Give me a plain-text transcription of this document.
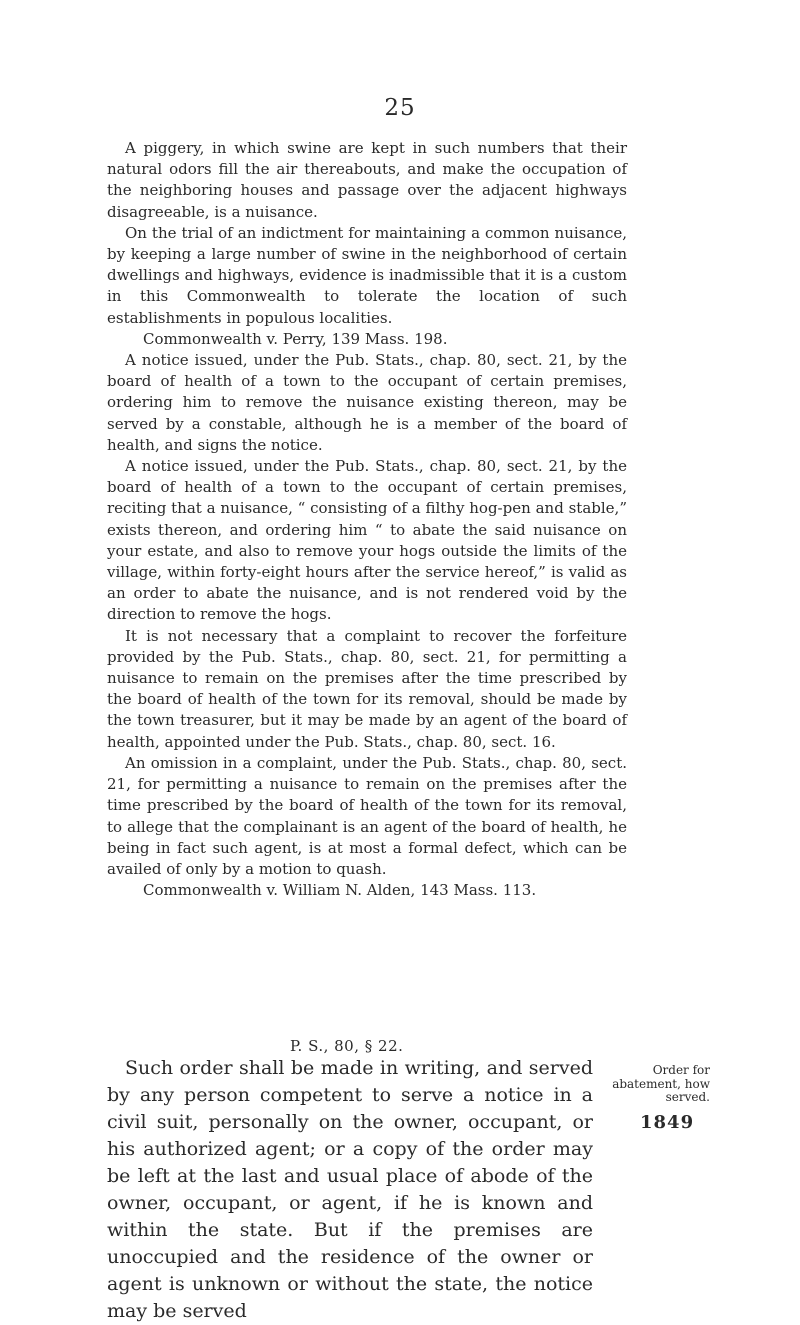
25

A piggery, in which swine are kept in such numbers that their natural odors fill the air thereabouts, and make the occupation of the neighboring houses and passage over the adjacent highways disagreeable, is a nuisance.

On the trial of an indictment for maintaining a common nuisance, by keeping a large number of swine in the neighborhood of certain dwellings and highways, evidence is inadmissible that it is a custom in this Commonwealth to tolerate the location of such establishments in populous localities.

Commonwealth v. Perry, 139 Mass. 198.

A notice issued, under the Pub. Stats., chap. 80, sect. 21, by the board of health of a town to the occupant of certain premises, ordering him to remove the nuisance existing thereon, may be served by a constable, although he is a member of the board of health, and signs the notice.

A notice issued, under the Pub. Stats., chap. 80, sect. 21, by the board of health of a town to the occupant of certain premises, reciting that a nuisance, “ consisting of a filthy hog-pen and stable,” exists thereon, and ordering him “ to abate the said nuisance on your estate, and also to remove your hogs outside the limits of the village, within forty-eight hours after the service hereof,” is valid as an order to abate the nuisance, and is not rendered void by the direction to remove the hogs.

It is not necessary that a complaint to recover the forfeiture provided by the Pub. Stats., chap. 80, sect. 21, for permitting a nuisance to remain on the premises after the time prescribed by the board of health of the town for its removal, should be made by the town treasurer, but it may be made by an agent of the board of health, appointed under the Pub. Stats., chap. 80, sect. 16.

An omission in a complaint, under the Pub. Stats., chap. 80, sect. 21, for permitting a nuisance to remain on the premises after the time prescribed by the board of health of the town for its removal, to allege that the complainant is an agent of the board of health, he being in fact such agent, is at most a formal defect, which can be availed of only by a motion to quash.

Commonwealth v. William N. Alden, 143 Mass. 113.

P. S., 80, § 22.

Such order shall be made in writing, and served by any person competent to serve a notice in a civil suit, personally on the owner, occupant, or his authorized agent; or a copy of the order may be left at the last and usual place of abode of the owner, occupant, or agent, if he is known and within the state. But if the premises are unoccupied and the residence of the owner or agent is unknown or without the state, the notice may be served

Order for abatement, how served.
1849
